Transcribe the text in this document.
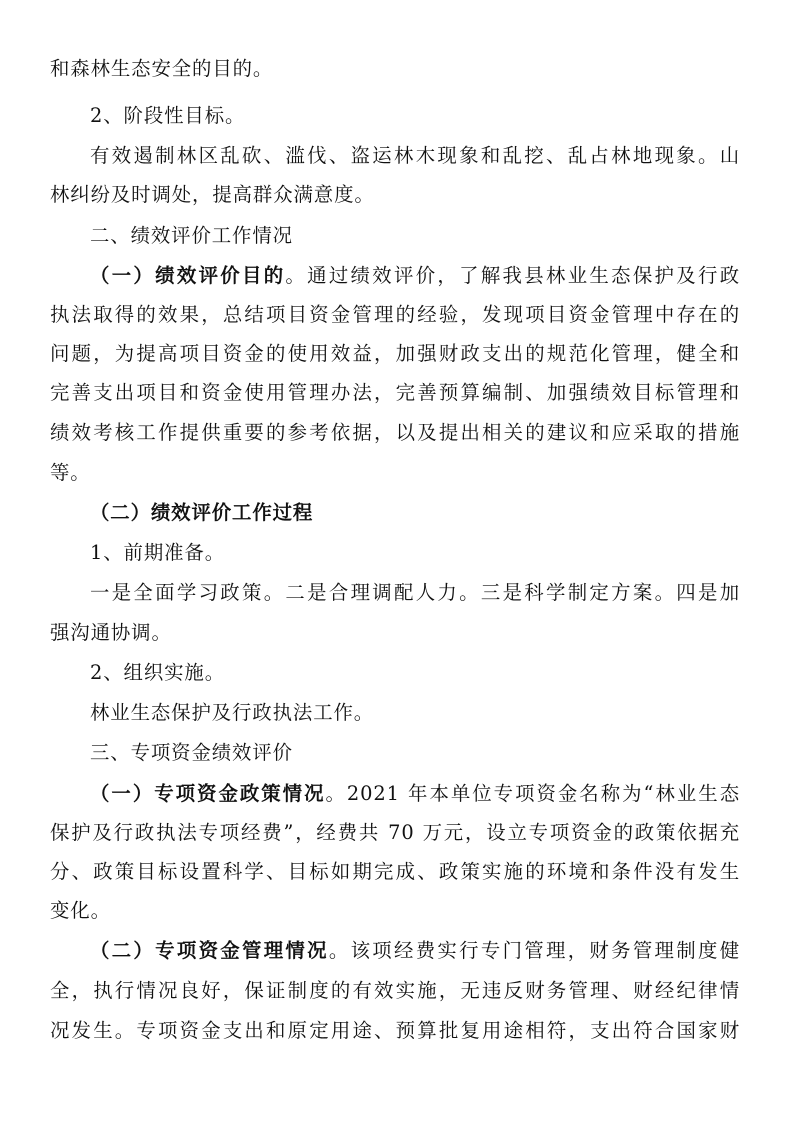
和森林生态安全的目的。
2、阶段性目标。
有效遏制林区乱砍、滥伐、盗运林木现象和乱挖、乱占林地现象。山
林纠纷及时调处，提高群众满意度。
二、绩效评价工作情况
（一）绩效评价目的。通过绩效评价，了解我县林业生态保护及行政
执法取得的效果，总结项目资金管理的经验，发现项目资金管理中存在的
问题，为提高项目资金的使用效益，加强财政支出的规范化管理，健全和
完善支出项目和资金使用管理办法，完善预算编制、加强绩效目标管理和
绩效考核工作提供重要的参考依据，以及提出相关的建议和应采取的措施
等。
（二）绩效评价工作过程
1、前期准备。
一是全面学习政策。二是合理调配人力。三是科学制定方案。四是加
强沟通协调。
2、组织实施。
林业生态保护及行政执法工作。
三、专项资金绩效评价
（一）专项资金政策情况。2021 年本单位专项资金名称为“林业生态
保护及行政执法专项经费”，经费共 70 万元，设立专项资金的政策依据充
分、政策目标设置科学、目标如期完成、政策实施的环境和条件没有发生
变化。
（二）专项资金管理情况。该项经费实行专门管理，财务管理制度健
全，执行情况良好，保证制度的有效实施，无违反财务管理、财经纪律情
况发生。专项资金支出和原定用途、预算批复用途相符，支出符合国家财
